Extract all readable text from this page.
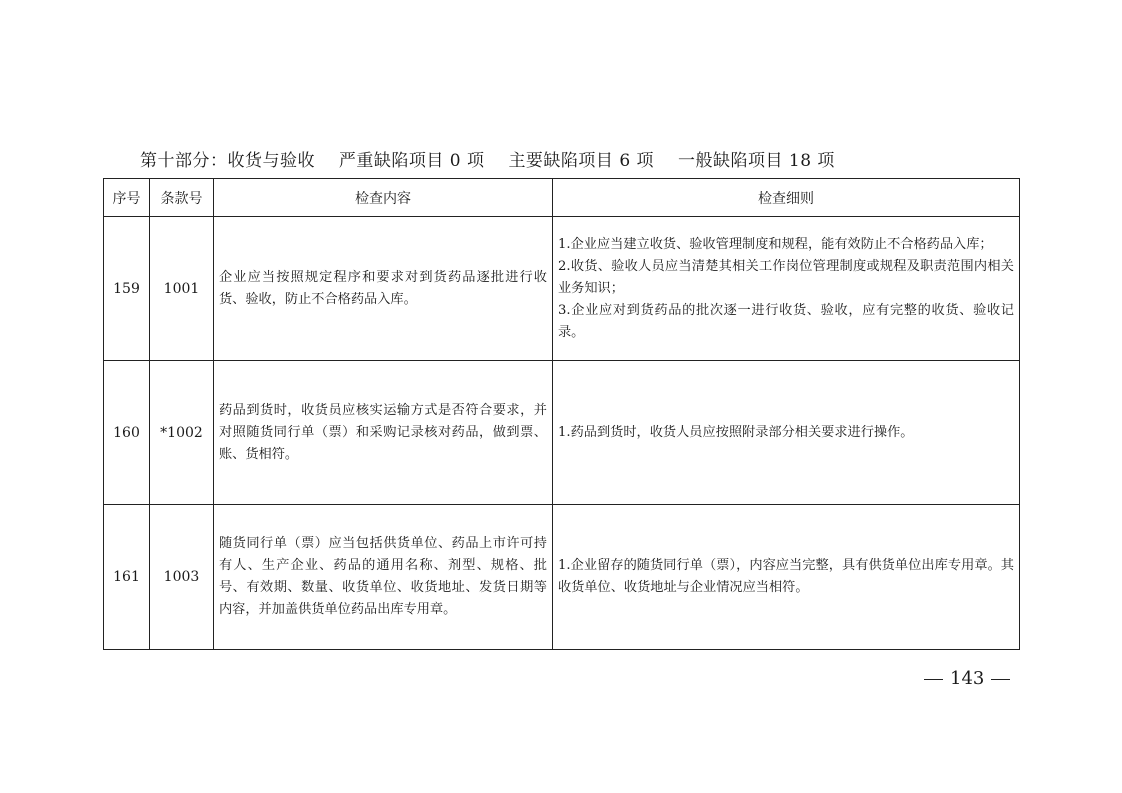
第十部分：收货与验收 严重缺陷项目 0 项 主要缺陷项目 6 项 一般缺陷项目 18 项
序号	条款号	检查内容	检查细则
159	1001	企业应当按照规定程序和要求对到货药品逐批进行收货、验收，防止不合格药品入库。	1.企业应当建立收货、验收管理制度和规程，能有效防止不合格药品入库；
2.收货、验收人员应当清楚其相关工作岗位管理制度或规程及职责范围内相关业务知识；
3.企业应对到货药品的批次逐一进行收货、验收，应有完整的收货、验收记录。

160	*1002	药品到货时，收货员应核实运输方式是否符合要求，并对照随货同行单（票）和采购记录核对药品，做到票、账、货相符。	1.药品到货时，收货人员应按照附录部分相关要求进行操作。

161	1003	随货同行单（票）应当包括供货单位、药品上市许可持有人、生产企业、药品的通用名称、剂型、规格、批号、有效期、数量、收货单位、收货地址、发货日期等内容，并加盖供货单位药品出库专用章。	1.企业留存的随货同行单（票），内容应当完整，具有供货单位出库专用章。其收货单位、收货地址与企业情况应当相符。
143
